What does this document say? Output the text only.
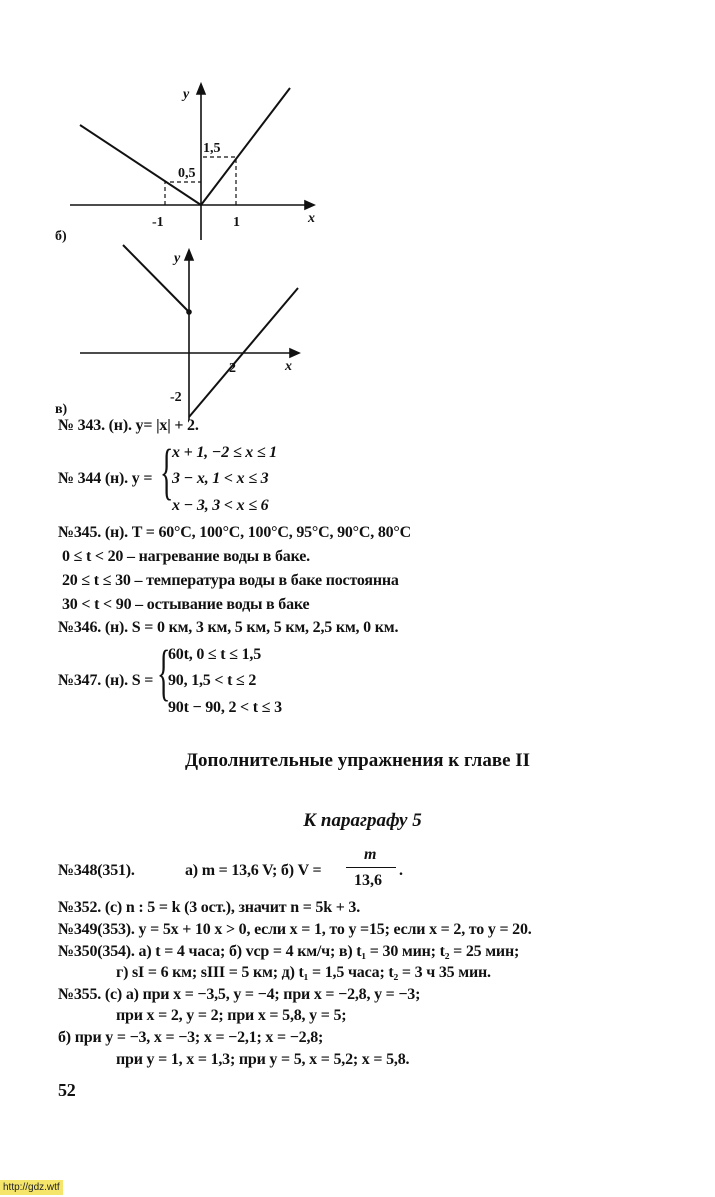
y
x
-1	1
0,5
1,5
б)
y
x
2
-2
в)
№ 343. (н). y= |x| + 2.
№ 344 (н). y = {
x + 1, −2 ≤ x ≤ 1
3 − x, 1 < x ≤ 3
x − 3, 3 < x ≤ 6
№345. (н). T = 60°C, 100°C, 100°C, 95°C, 90°C, 80°C
0 ≤ t < 20 – нагревание воды в баке.
20 ≤ t ≤ 30 – температура воды в баке постоянна
30 < t < 90 – остывание воды в баке
№346. (н). S = 0 км, 3 км, 5 км, 5 км, 2,5 км, 0 км.
№347. (н). S = {
60t, 0 ≤ t ≤ 1,5
90, 1,5 < t ≤ 2
90t − 90, 2 < t ≤ 3
Дополнительные упражнения к главе II
К параграфу 5
№348(351).	а) m = 13,6 V; б) V =
m
13,6
.
№352. (с) n : 5 = k (3 ост.), значит n = 5k + 3.
№349(353). y = 5x + 10 x > 0, если x = 1, то y =15; если x = 2, то y = 20.
№350(354). а) t = 4 часа; б) vср = 4 км/ч; в) t₁ = 30 мин; t₂ = 25 мин;
г) sI = 6 км; sIII = 5 км; д) t₁ = 1,5 часа; t₂ = 3 ч 35 мин.
№355. (с) а) при x = −3,5, y = −4; при x = −2,8, y = −3;
при x = 2, y = 2; при x = 5,8, y = 5;
б) при y = −3, x = −3; x = −2,1; x = −2,8;
при y = 1, x = 1,3; при y = 5, x = 5,2; x = 5,8.
52
http://gdz.wtf
